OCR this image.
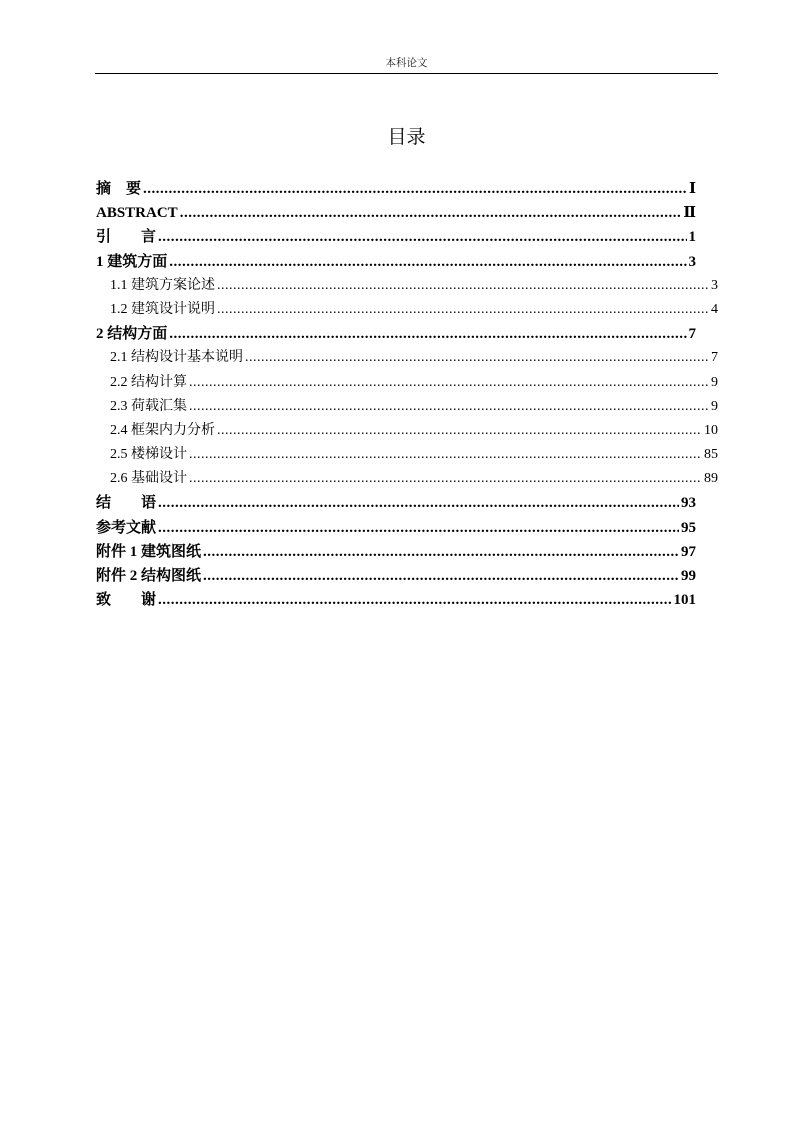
本科论文
目录
摘　要 .....	Ⅰ
ABSTRACT .....	Ⅱ
引　　言 .....	1
1 建筑方面 .....	3
1.1 建筑方案论述 .....	3
1.2 建筑设计说明 .....	4
2 结构方面 .....	7
2.1 结构设计基本说明 .....	7
2.2 结构计算 .....	9
2.3 荷载汇集 .....	9
2.4 框架内力分析 .....	10
2.5 楼梯设计 .....	85
2.6 基础设计 .....	89
结　　语 .....	93
参考文献 .....	95
附件 1 建筑图纸 .....	97
附件 2 结构图纸 .....	99
致　　谢 .....	101
